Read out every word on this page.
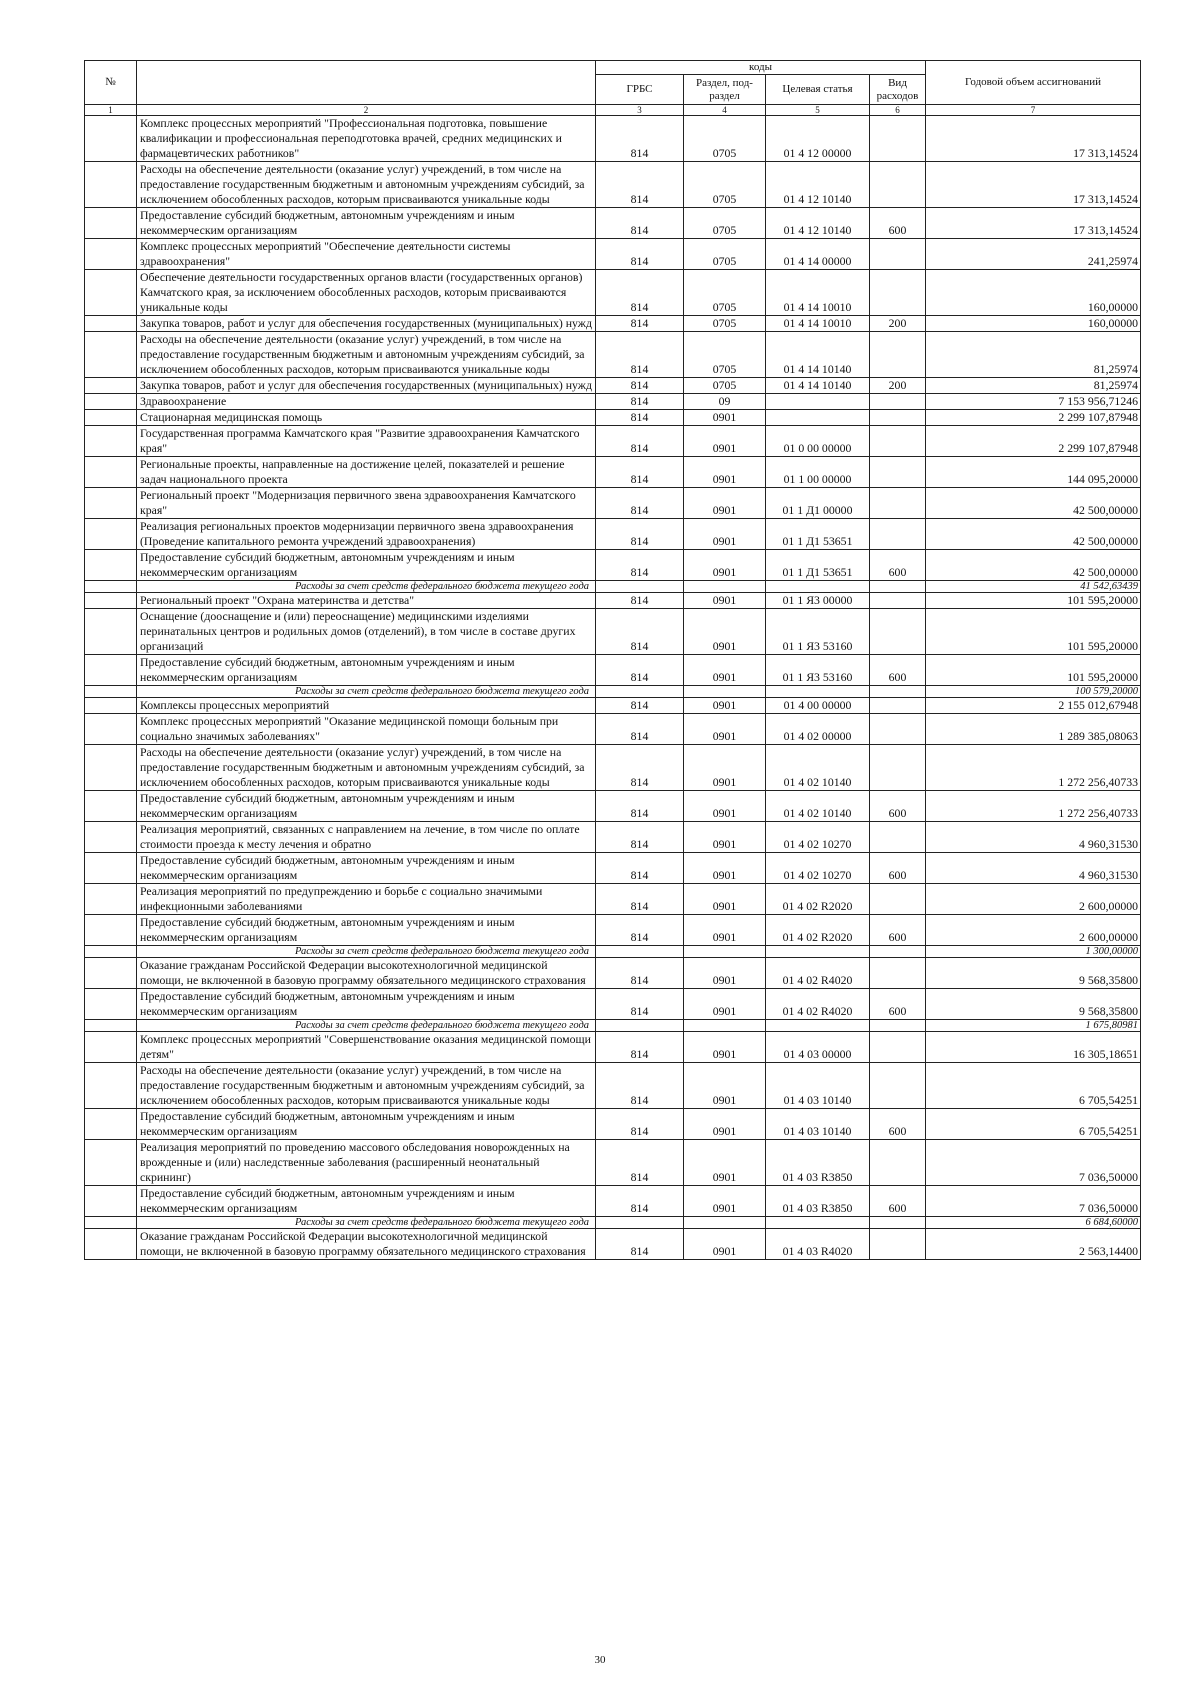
№		коды				Годовой объем ассигнований
		ГРБС	Раздел, под-раздел	Целевая статья	Вид расходов	
1	2	3	4	5	6	7
	Комплекс процессных мероприятий "Профессиональная подготовка, повышение квалификации и профессиональная переподготовка врачей, средних медицинских и фармацевтических работников"	814	0705	01 4 12 00000		17 313,14524
	Расходы на обеспечение деятельности (оказание услуг) учреждений, в том числе на предоставление государственным бюджетным и автономным учреждениям субсидий, за исключением обособленных расходов, которым присваиваются уникальные коды	814	0705	01 4 12 10140		17 313,14524
	Предоставление субсидий бюджетным, автономным учреждениям и иным некоммерческим организациям	814	0705	01 4 12 10140	600	17 313,14524
	Комплекс процессных мероприятий "Обеспечение деятельности системы здравоохранения"	814	0705	01 4 14 00000		241,25974
	Обеспечение деятельности государственных органов власти (государственных органов) Камчатского края, за исключением обособленных расходов, которым присваиваются уникальные коды	814	0705	01 4 14 10010		160,00000
	Закупка товаров, работ и услуг для обеспечения государственных (муниципальных) нужд	814	0705	01 4 14 10010	200	160,00000
	Расходы на обеспечение деятельности (оказание услуг) учреждений, в том числе на предоставление государственным бюджетным и автономным учреждениям субсидий, за исключением обособленных расходов, которым присваиваются уникальные коды	814	0705	01 4 14 10140		81,25974
	Закупка товаров, работ и услуг для обеспечения государственных (муниципальных) нужд	814	0705	01 4 14 10140	200	81,25974
	Здравоохранение	814	09			7 153 956,71246
	Стационарная медицинская помощь	814	0901			2 299 107,87948
	Государственная программа Камчатского края "Развитие здравоохранения Камчатского края"	814	0901	01 0 00 00000		2 299 107,87948
	Региональные проекты, направленные на достижение целей, показателей и решение задач национального проекта	814	0901	01 1 00 00000		144 095,20000
	Региональный проект "Модернизация первичного звена здравоохранения Камчатского края"	814	0901	01 1 Д1 00000		42 500,00000
	Реализация региональных проектов модернизации первичного звена здравоохранения (Проведение капитального ремонта учреждений здравоохранения)	814	0901	01 1 Д1 53651		42 500,00000
	Предоставление субсидий бюджетным, автономным учреждениям и иным некоммерческим организациям	814	0901	01 1 Д1 53651	600	42 500,00000
	Расходы за счет средств федерального бюджета текущего года					41 542,63439
	Региональный проект "Охрана материнства и детства"	814	0901	01 1 Я3 00000		101 595,20000
	Оснащение (дооснащение и (или) переоснащение) медицинскими изделиями перинатальных центров и родильных домов (отделений), в том числе в составе других организаций	814	0901	01 1 Я3 53160		101 595,20000
	Предоставление субсидий бюджетным, автономным учреждениям и иным некоммерческим организациям	814	0901	01 1 Я3 53160	600	101 595,20000
	Расходы за счет средств федерального бюджета текущего года					100 579,20000
	Комплексы процессных мероприятий	814	0901	01 4 00 00000		2 155 012,67948
	Комплекс процессных мероприятий "Оказание медицинской помощи больным при социально значимых заболеваниях"	814	0901	01 4 02 00000		1 289 385,08063
	Расходы на обеспечение деятельности (оказание услуг) учреждений, в том числе на предоставление государственным бюджетным и автономным учреждениям субсидий, за исключением обособленных расходов, которым присваиваются уникальные коды	814	0901	01 4 02 10140		1 272 256,40733
	Предоставление субсидий бюджетным, автономным учреждениям и иным некоммерческим организациям	814	0901	01 4 02 10140	600	1 272 256,40733
	Реализация мероприятий, связанных с направлением на лечение, в том числе по оплате стоимости проезда к месту лечения и обратно	814	0901	01 4 02 10270		4 960,31530
	Предоставление субсидий бюджетным, автономным учреждениям и иным некоммерческим организациям	814	0901	01 4 02 10270	600	4 960,31530
	Реализация мероприятий по предупреждению и борьбе с социально значимыми инфекционными заболеваниями	814	0901	01 4 02 R2020		2 600,00000
	Предоставление субсидий бюджетным, автономным учреждениям и иным некоммерческим организациям	814	0901	01 4 02 R2020	600	2 600,00000
	Расходы за счет средств федерального бюджета текущего года					1 300,00000
	Оказание гражданам Российской Федерации высокотехнологичной медицинской помощи, не включенной в базовую программу обязательного медицинского страхования	814	0901	01 4 02 R4020		9 568,35800
	Предоставление субсидий бюджетным, автономным учреждениям и иным некоммерческим организациям	814	0901	01 4 02 R4020	600	9 568,35800
	Расходы за счет средств федерального бюджета текущего года					1 675,80981
	Комплекс процессных мероприятий "Совершенствование оказания медицинской помощи детям"	814	0901	01 4 03 00000		16 305,18651
	Расходы на обеспечение деятельности (оказание услуг) учреждений, в том числе на предоставление государственным бюджетным и автономным учреждениям субсидий, за исключением обособленных расходов, которым присваиваются уникальные коды	814	0901	01 4 03 10140		6 705,54251
	Предоставление субсидий бюджетным, автономным учреждениям и иным некоммерческим организациям	814	0901	01 4 03 10140	600	6 705,54251
	Реализация мероприятий по проведению массового обследования новорожденных на врожденные и (или) наследственные заболевания (расширенный неонатальный скрининг)	814	0901	01 4 03 R3850		7 036,50000
	Предоставление субсидий бюджетным, автономным учреждениям и иным некоммерческим организациям	814	0901	01 4 03 R3850	600	7 036,50000
	Расходы за счет средств федерального бюджета текущего года					6 684,60000
	Оказание гражданам Российской Федерации высокотехнологичной медицинской помощи, не включенной в базовую программу обязательного медицинского страхования	814	0901	01 4 03 R4020		2 563,14400
30
